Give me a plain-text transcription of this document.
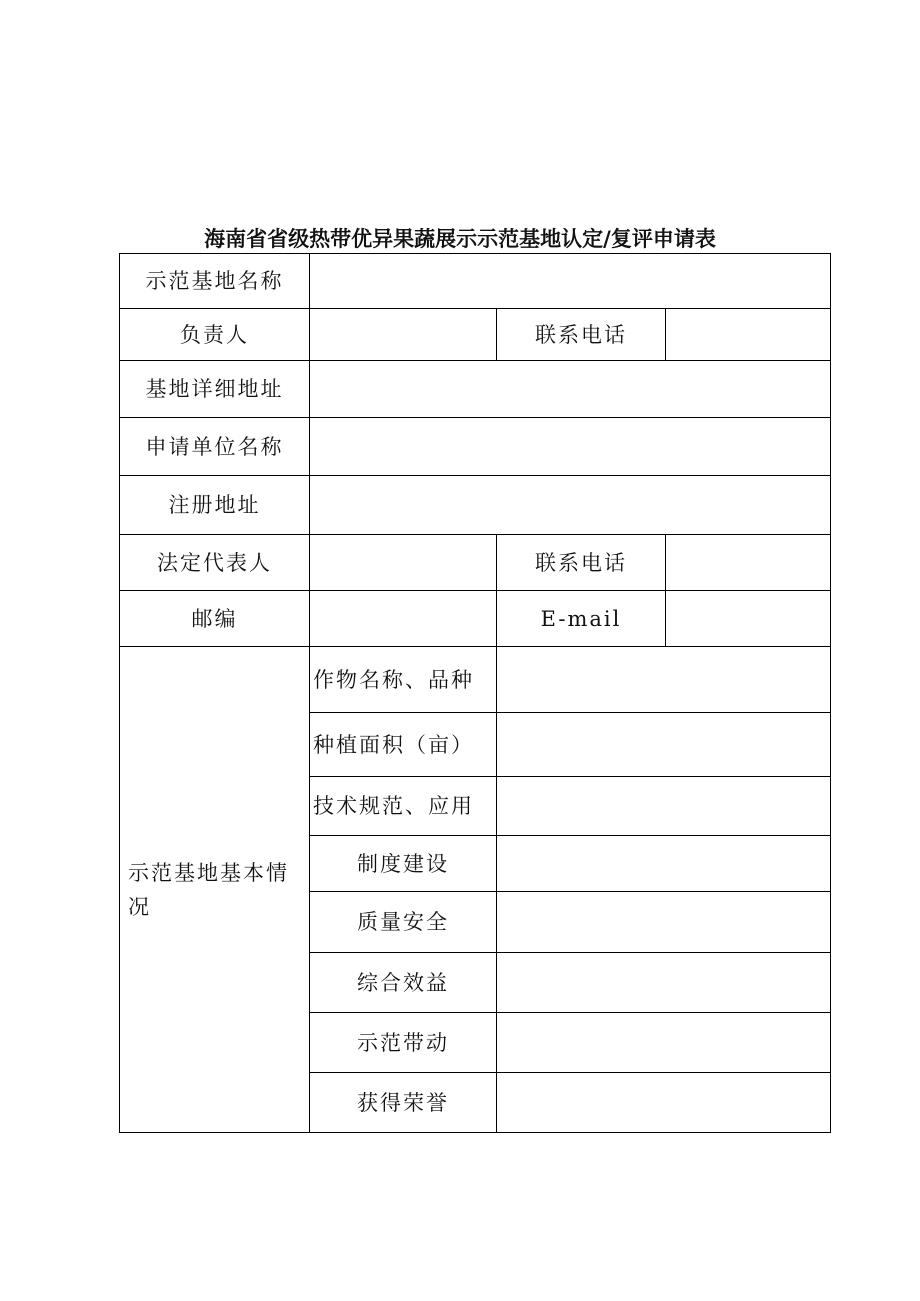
海南省省级热带优异果蔬展示示范基地认定/复评申请表
示范基地名称			
负责人		联系电话	
基地详细地址			
申请单位名称			
注册地址			
法定代表人		联系电话	
邮编		E-mail	
示范基地基本情况	作物名称、品种		
	种植面积（亩）		
	技术规范、应用		
	制度建设		
	质量安全		
	综合效益		
	示范带动		
	获得荣誉		
